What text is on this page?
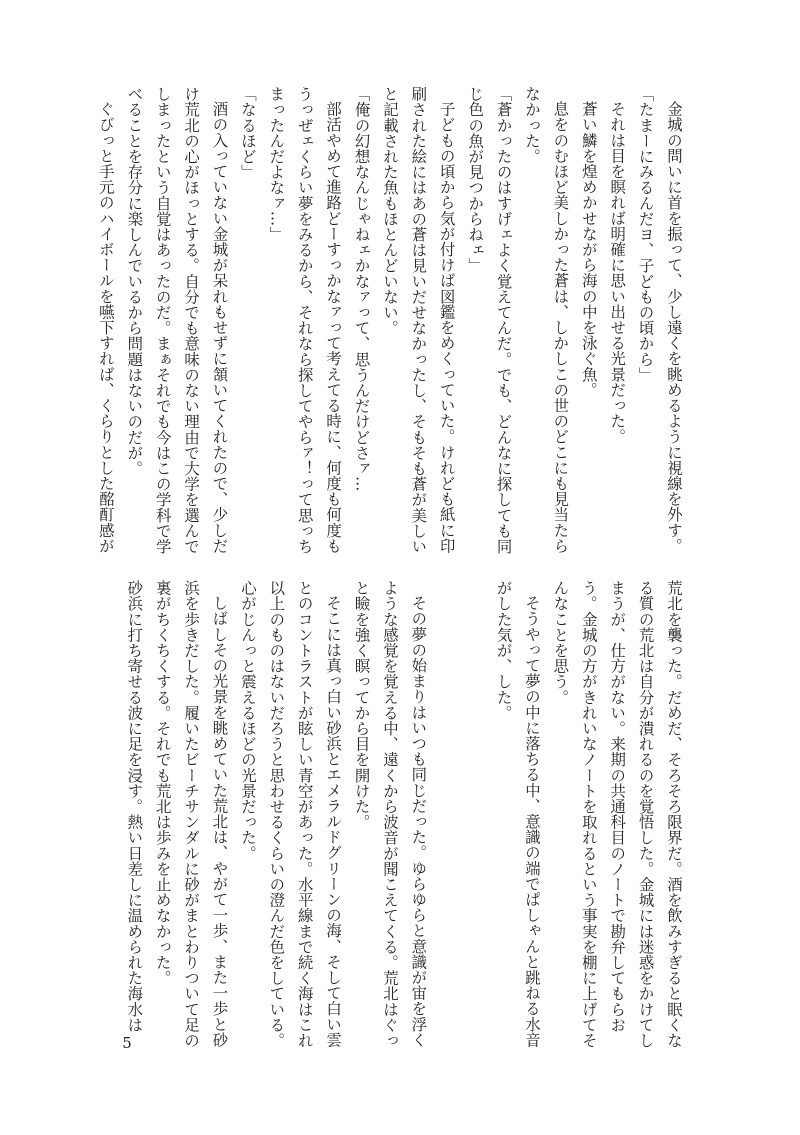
金城の問いに首を振って、少し遠くを眺めるように視線を外す。

「たまーにみるんだヨ、子どもの頃から」

それは目を瞑れば明確に思い出せる光景だった。

蒼い鱗を煌めかせながら海の中を泳ぐ魚。

息をのむほど美しかった蒼は、しかしこの世のどこにも見当たらなかった。

「蒼かったのはすげェよく覚えてんだ。でも、どんなに探しても同じ色の魚が見つからねェ」

子どもの頃から気が付けば図鑑をめくっていた。けれども紙に印刷された絵にはあの蒼は見いだせなかったし、そもそも蒼が美しいと記載された魚もほとんどいない。

「俺の幻想なんじゃねェかなァって、思うんだけどさァ…

部活やめて進路どーすっかなァって考えてる時に、何度も何度もうっぜェくらい夢をみるから、それなら探してやらァ！って思っちまったんだよなァ…」

「なるほど」

酒の入っていない金城が呆れもせずに頷いてくれたので、少しだけ荒北の心がほっとする。自分でも意味のない理由で大学を選んでしまったという自覚はあったのだ。まぁそれでも今はこの学科で学べることを存分に楽しんでいるから問題はないのだが。

ぐびっと手元のハイボールを嚥下すれば、くらりとした酩酊感が

荒北を襲った。だめだ、そろそろ限界だ。酒を飲みすぎると眠くなる質の荒北は自分が潰れるのを覚悟した。金城には迷惑をかけてしまうが、仕方がない。来期の共通科目のノートで勘弁してもらおう。金城の方がきれいなノートを取れるという事実を棚に上げてそんなことを思う。

そうやって夢の中に落ちる中、意識の端でぱしゃんと跳ねる水音がした気が、した。

その夢の始まりはいつも同じだった。ゆらゆらと意識が宙を浮くような感覚を覚える中、遠くから波音が聞こえてくる。荒北はぐっと瞼を強く瞑ってから目を開けた。

そこには真っ白い砂浜とエメラルドグリーンの海、そして白い雲とのコントラストが眩しい青空があった。水平線まで続く海はこれ以上のものはないだろうと思わせるくらいの澄んだ色をしている。心がじんっと震えるほどの光景だった。

しばしその光景を眺めていた荒北は、やがて一歩、また一歩と砂浜を歩きだした。履いたビーチサンダルに砂がまとわりついて足の裏がちくちくする。それでも荒北は歩みを止めなかった。

砂浜に打ち寄せる波に足を浸す。熱い日差しに温められた海水は

5
